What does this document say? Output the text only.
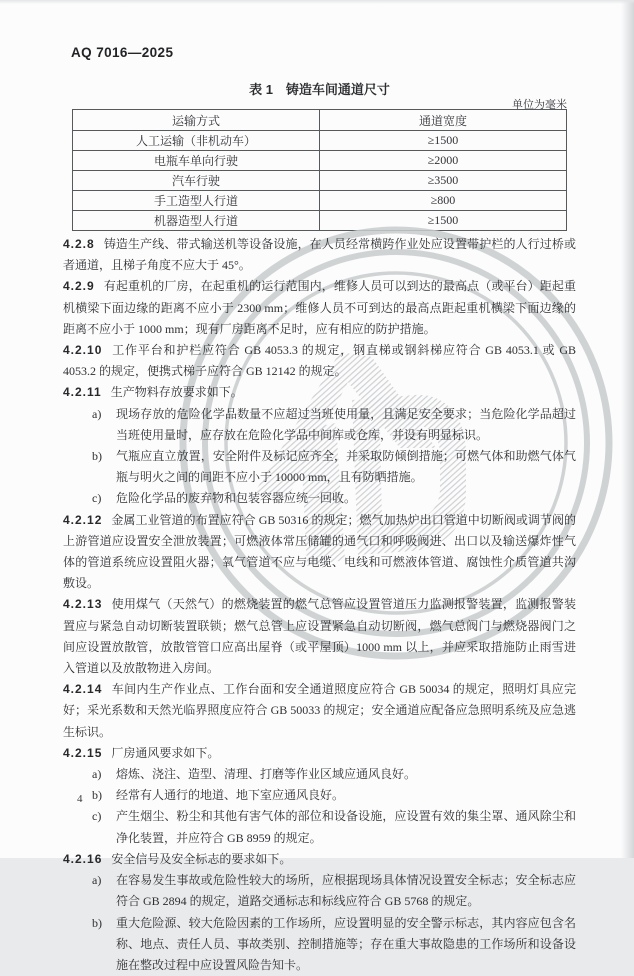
AQ 7016—2025
表 1　铸造车间通道尺寸
单位为毫米
运输方式	通道宽度
人工运输（非机动车）	≥1500
电瓶车单向行驶	≥2000
汽车行驶	≥3500
手工造型人行道	≥800
机器造型人行道	≥1500

4.2.8 铸造生产线、带式输送机等设备设施，在人员经常横跨作业处应设置带护栏的人行过桥或者通道，且梯子角度不应大于 45°。

4.2.9 有起重机的厂房，在起重机的运行范围内，维修人员可以到达的最高点（或平台）距起重机横梁下面边缘的距离不应小于 2300 mm；维修人员不可到达的最高点距起重机横梁下面边缘的距离不应小于 1000 mm；现有厂房距离不足时，应有相应的防护措施。

4.2.10 工作平台和护栏应符合 GB 4053.3 的规定，钢直梯或钢斜梯应符合 GB 4053.1 或 GB 4053.2 的规定，便携式梯子应符合 GB 12142 的规定。

4.2.11 生产物料存放要求如下。

a)	现场存放的危险化学品数量不应超过当班使用量，且满足安全要求；当危险化学品超过当班使用量时，应存放在危险化学品中间库或仓库，并设有明显标识。
b)	气瓶应直立放置，安全附件及标记应齐全，并采取防倾倒措施；可燃气体和助燃气体气瓶与明火之间的间距不应小于 10000 mm，且有防晒措施。
c)	危险化学品的废弃物和包装容器应统一回收。

4.2.12 金属工业管道的布置应符合 GB 50316 的规定；燃气加热炉出口管道中切断阀或调节阀的上游管道应设置安全泄放装置；可燃液体常压储罐的通气口和呼吸阀进、出口以及输送爆炸性气体的管道系统应设置阻火器；氧气管道不应与电缆、电线和可燃液体管道、腐蚀性介质管道共沟敷设。

4.2.13 使用煤气（天然气）的燃烧装置的燃气总管应设置管道压力监测报警装置，监测报警装置应与紧急自动切断装置联锁；燃气总管上应设置紧急自动切断阀，燃气总阀门与燃烧器阀门之间应设置放散管，放散管管口应高出屋脊（或平屋顶）1000 mm 以上，并应采取措施防止雨雪进入管道以及放散物进入房间。

4.2.14 车间内生产作业点、工作台面和安全通道照度应符合 GB 50034 的规定，照明灯具应完好；采光系数和天然光临界照度应符合 GB 50033 的规定；安全通道应配备应急照明系统及应急逃生标识。

4.2.15 厂房通风要求如下。

a)	熔炼、浇注、造型、清理、打磨等作业区域应通风良好。
b)	经常有人通行的地道、地下室应通风良好。
c)	产生烟尘、粉尘和其他有害气体的部位和设备设施，应设置有效的集尘罩、通风除尘和净化装置，并应符合 GB 8959 的规定。

4.2.16 安全信号及安全标志的要求如下。

a)	在容易发生事故或危险性较大的场所，应根据现场具体情况设置安全标志；安全标志应符合 GB 2894 的规定，道路交通标志和标线应符合 GB 5768 的规定。
b)	重大危险源、较大危险因素的工作场所，应设置明显的安全警示标志，其内容应包含名称、地点、责任人员、事故类别、控制措施等；存在重大事故隐患的工作场所和设备设施在整改过程中应设置风险告知卡。
4
